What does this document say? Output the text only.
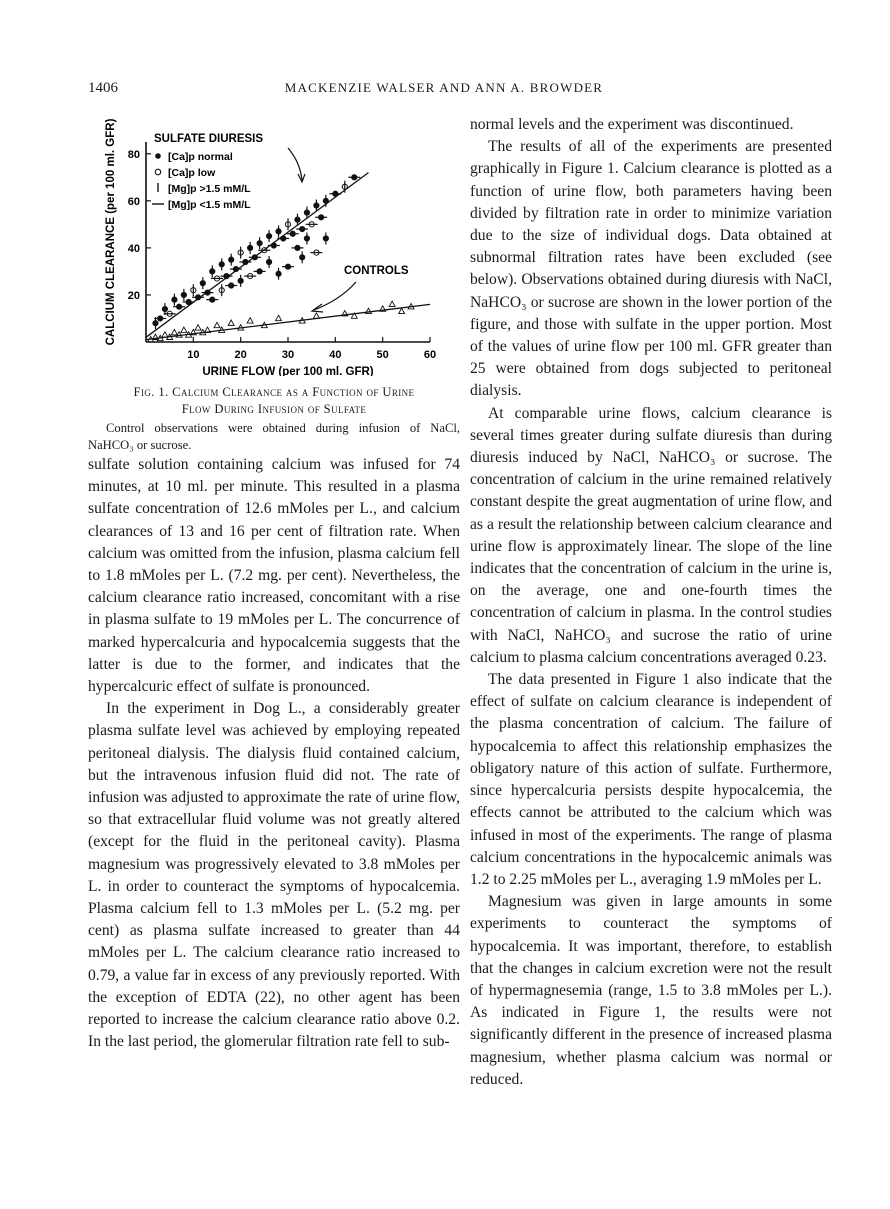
1406	MACKENZIE WALSER AND ANN A. BROWDER
10	20	30	40	50	60
20
40
60
80
URINE FLOW (per 100 ml. GFR)
CALCIUM CLEARANCE (per 100 ml. GFR)	SULFATE DIURESIS
[Ca]p normal
[Ca]p low
[Mg]p >1.5 mM/L
[Mg]p <1.5 mM/L
CONTROLS
Fig. 1. Calcium Clearance as a Function of Urine
Flow During Infusion of Sulfate

Control observations were obtained during infusion of NaCl, NaHCO₃ or sucrose.

sulfate solution containing calcium was infused for 74 minutes, at 10 ml. per minute. This resulted in a plasma sulfate concentration of 12.6 mMoles per L., and calcium clearances of 13 and 16 per cent of filtration rate. When calcium was omitted from the infusion, plasma calcium fell to 1.8 mMoles per L. (7.2 mg. per cent). Nevertheless, the calcium clearance ratio increased, concomitant with a rise in plasma sulfate to 19 mMoles per L. The concurrence of marked hypercalcuria and hypocalcemia suggests that the latter is due to the former, and indicates that the hypercalcuric effect of sulfate is pronounced.

In the experiment in Dog L., a considerably greater plasma sulfate level was achieved by employing repeated peritoneal dialysis. The dialysis fluid contained calcium, but the intravenous infusion fluid did not. The rate of infusion was adjusted to approximate the rate of urine flow, so that extracellular fluid volume was not greatly altered (except for the fluid in the peritoneal cavity). Plasma magnesium was progressively elevated to 3.8 mMoles per L. in order to counteract the symptoms of hypocalcemia. Plasma calcium fell to 1.3 mMoles per L. (5.2 mg. per cent) as plasma sulfate increased to greater than 44 mMoles per L. The calcium clearance ratio increased to 0.79, a value far in excess of any previously reported. With the exception of EDTA (22), no other agent has been reported to increase the calcium clearance ratio above 0.2. In the last period, the glomerular filtration rate fell to sub-

normal levels and the experiment was discontinued.

The results of all of the experiments are presented graphically in Figure 1. Calcium clearance is plotted as a function of urine flow, both parameters having been divided by filtration rate in order to minimize variation due to the size of individual dogs. Data obtained at subnormal filtration rates have been excluded (see below). Observations obtained during diuresis with NaCl, NaHCO₃ or sucrose are shown in the lower portion of the figure, and those with sulfate in the upper portion. Most of the values of urine flow per 100 ml. GFR greater than 25 were obtained from dogs subjected to peritoneal dialysis.

At comparable urine flows, calcium clearance is several times greater during sulfate diuresis than during diuresis induced by NaCl, NaHCO₃ or sucrose. The concentration of calcium in the urine remained relatively constant despite the great augmentation of urine flow, and as a result the relationship between calcium clearance and urine flow is approximately linear. The slope of the line indicates that the concentration of calcium in the urine is, on the average, one and one-fourth times the concentration of calcium in plasma. In the control studies with NaCl, NaHCO₃ and sucrose the ratio of urine calcium to plasma calcium concentrations averaged 0.23.

The data presented in Figure 1 also indicate that the effect of sulfate on calcium clearance is independent of the plasma concentration of calcium. The failure of hypocalcemia to affect this relationship emphasizes the obligatory nature of this action of sulfate. Furthermore, since hypercalcuria persists despite hypocalcemia, the effects cannot be attributed to the calcium which was infused in most of the experiments. The range of plasma calcium concentrations in the hypocalcemic animals was 1.2 to 2.25 mMoles per L., averaging 1.9 mMoles per L.

Magnesium was given in large amounts in some experiments to counteract the symptoms of hypocalcemia. It was important, therefore, to establish that the changes in calcium excretion were not the result of hypermagnesemia (range, 1.5 to 3.8 mMoles per L.). As indicated in Figure 1, the results were not significantly different in the presence of increased plasma magnesium, whether plasma calcium was normal or reduced.
